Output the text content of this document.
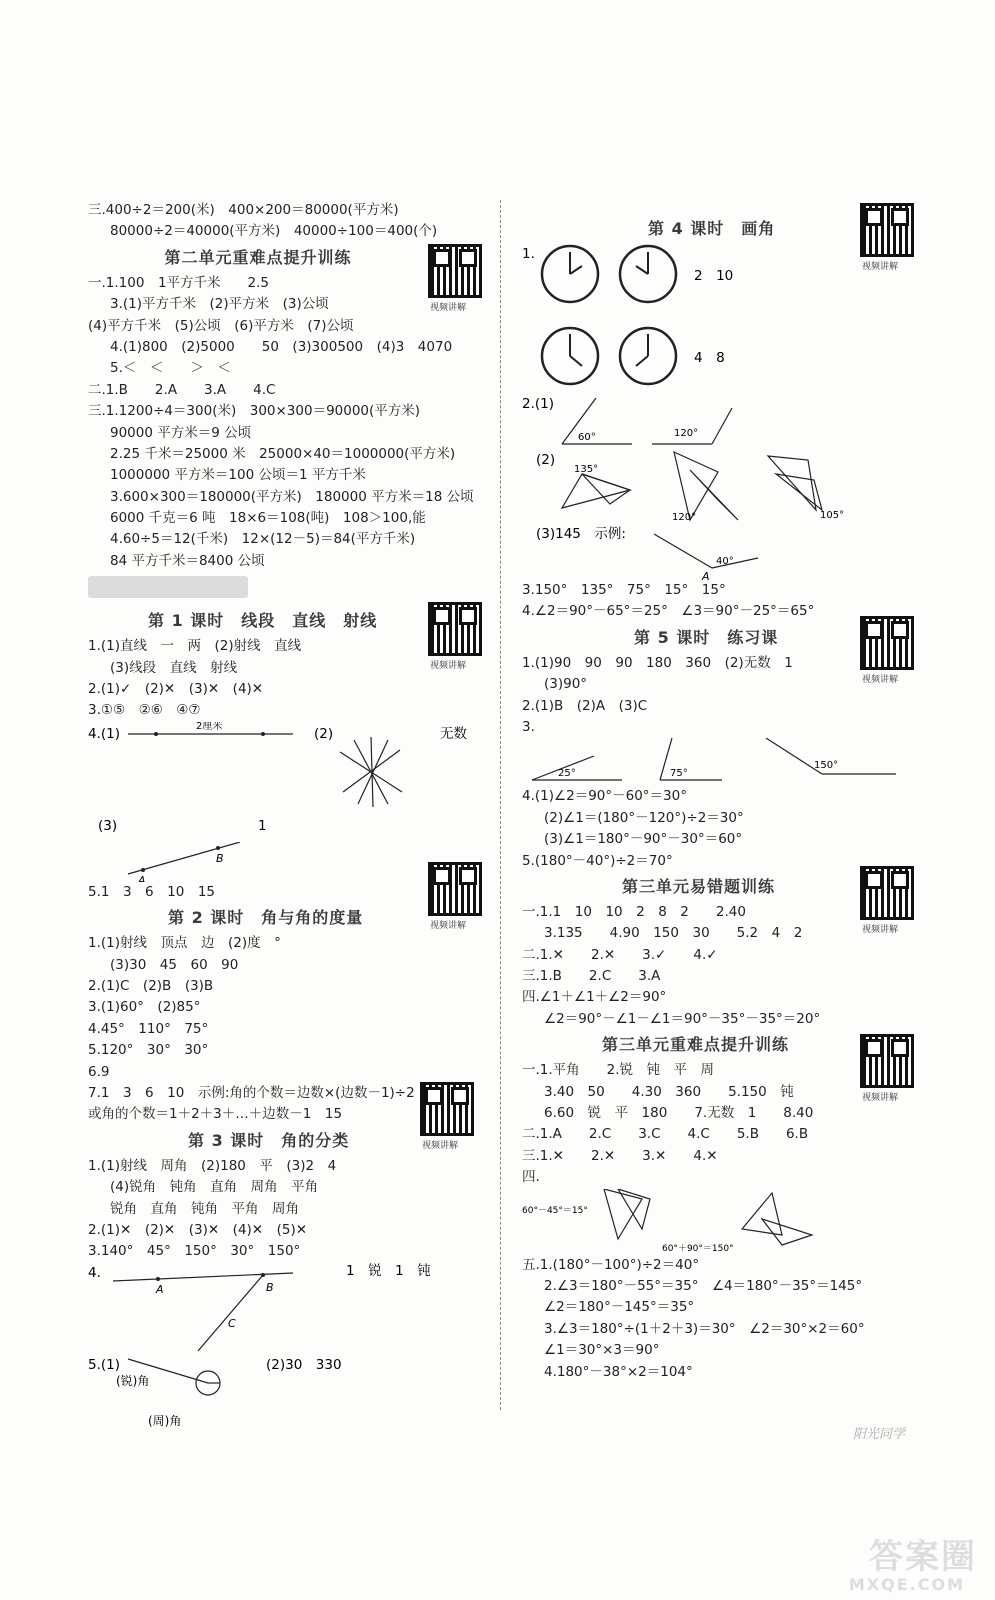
三.400÷2＝200(米)　400×200＝80000(平方米)
80000÷2＝40000(平方米)　40000÷100＝400(个)
第二单元重难点提升训练
一.1.100　1平方千米　　2.5
3.(1)平方千米　(2)平方米　(3)公顷
(4)平方千米　(5)公顷　(6)平方米　(7)公顷
4.(1)800　(2)5000　　50　(3)300500　(4)3　4070
5.＜　＜　　＞　＜
二.1.B　　2.A　　3.A　　4.C
三.1.1200÷4＝300(米)　300×300＝90000(平方米)
90000 平方米＝9 公顷
2.25 千米＝25000 米　25000×40＝1000000(平方米)
1000000 平方米＝100 公顷＝1 平方千米
3.600×300＝180000(平方米)　180000 平方米＝18 公顷
6000 千克＝6 吨　18×6＝108(吨)　108＞100,能
4.60÷5＝12(千米)　12×(12－5)＝84(平方千米)
84 平方千米＝8400 公顷
第 1 课时　线段　直线　射线
1.(1)直线　一　两　(2)射线　直线
(3)线段　直线　射线
2.(1)✓　(2)✕　(3)✕　(4)✕
3.①⑤　②⑥　④⑦
4.(1)	2厘米	(2)	无数
(3)	1
A
B
5.1　3　6　10　15
第 2 课时　角与角的度量
1.(1)射线　顶点　边　(2)度　°
(3)30　45　60　90
2.(1)C　(2)B　(3)B
3.(1)60°　(2)85°
4.45°　110°　75°
5.120°　30°　30°
6.9
7.1　3　6　10　示例:角的个数＝边数×(边数－1)÷2
或角的个数＝1＋2＋3＋…＋边数－1　15
第 3 课时　角的分类
1.(1)射线　周角　(2)180　平　(3)2　4
(4)锐角　钝角　直角　周角　平角
锐角　直角　钝角　平角　周角
2.(1)✕　(2)✕　(3)✕　(4)✕　(5)✕
3.140°　45°　150°　30°　150°
4.
A	B
C
1　锐　1　钝
5.(1)
(锐)角
(周)角
(2)30　330
视频讲解
视频讲解
视频讲解
视频讲解
第 4 课时　画角
1.
2　10
4　8
2.(1)
60°	120°
(2)
135°
120°	105°
(3)145　示例:
40°
A
3.150°　135°　75°　15°　15°
4.∠2＝90°－65°＝25°　∠3＝90°－25°＝65°
第 5 课时　练习课
1.(1)90　90　90　180　360　(2)无数　1
(3)90°
2.(1)B　(2)A　(3)C
3.
25°	75°
150°
4.(1)∠2＝90°－60°＝30°
(2)∠1＝(180°－120°)÷2＝30°
(3)∠1＝180°－90°－30°＝60°
5.(180°－40°)÷2＝70°
第三单元易错题训练
一.1.1　10　10　2　8　2　　2.40
3.135　　4.90　150　30　　5.2　4　2
二.1.✕　　2.✕　　3.✓　　4.✓
三.1.B　　2.C　　3.A
四.∠1＋∠1＋∠2＝90°
∠2＝90°－∠1－∠1＝90°－35°－35°＝20°
第三单元重难点提升训练
一.1.平角　　2.锐　钝　平　周
3.40　50　　4.30　360　　5.150　钝
6.60　锐　平　180　　7.无数　1　　8.40
二.1.A　　2.C　　3.C　　4.C　　5.B　　6.B
三.1.✕　　2.✕　　3.✕　　4.✕
四.
60°－45°＝15°
60°＋90°＝150°
五.1.(180°－100°)÷2＝40°
2.∠3＝180°－55°＝35°　∠4＝180°－35°＝145°
∠2＝180°－145°＝35°
3.∠3＝180°÷(1＋2＋3)＝30°　∠2＝30°×2＝60°
∠1＝30°×3＝90°
4.180°－38°×2＝104°
视频讲解
视频讲解
视频讲解
视频讲解
阳光同学
答案圈
MXQE.COM
